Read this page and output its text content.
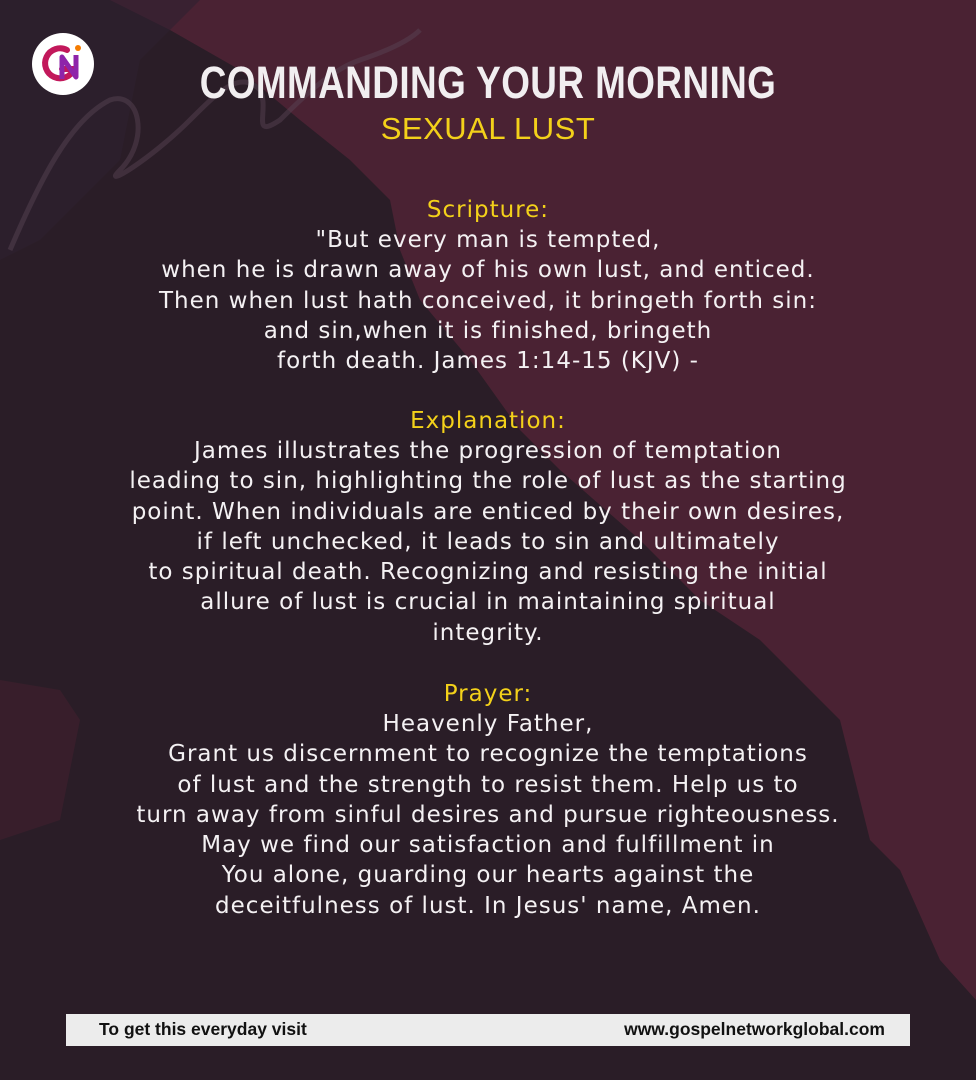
COMMANDING YOUR MORNING
SEXUAL LUST
Scripture:
"But every man is tempted,
when he is drawn away of his own lust, and enticed.
Then when lust hath conceived, it bringeth forth sin:
and sin,when it is finished, bringeth
forth death. James 1:14-15 (KJV) -
Explanation:
James illustrates the progression of temptation
leading to sin, highlighting the role of lust as the starting
point. When individuals are enticed by their own desires,
if left unchecked, it leads to sin and ultimately
to spiritual death. Recognizing and resisting the initial
allure of lust is crucial in maintaining spiritual
integrity.
Prayer:
Heavenly Father,
Grant us discernment to recognize the temptations
of lust and the strength to resist them. Help us to
turn away from sinful desires and pursue righteousness.
May we find our satisfaction and fulfillment in
You alone, guarding our hearts against the
deceitfulness of lust. In Jesus' name, Amen.
To get this everyday visit	www.gospelnetworkglobal.com
